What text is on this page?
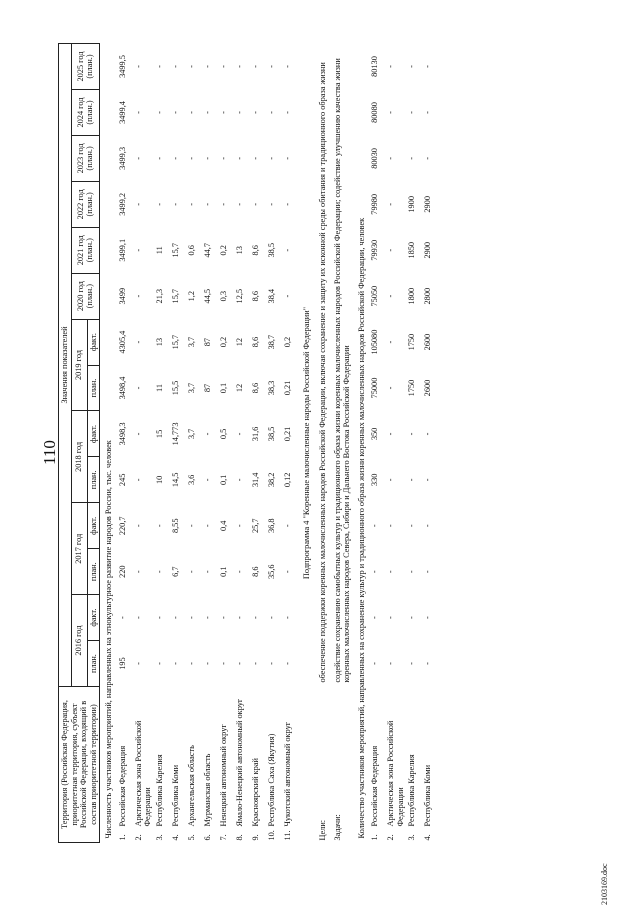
110
Территория (Российская Федерация, приоритетная территория, субъект Российской Федерации, входящий в состав приоритетной территории)		Значения показателей													
		2016 год		2017 год		2018 год		2019 год		2020 год (план.)	2021 год (план.)	2022 год (план.)	2023 год (план.)	2024 год (план.)	2025 год (план.)
		план.	факт.	план.	факт.	план.	факт.	план.	факт.						
Численность участников мероприятий, направленных на этнокультурное развитие народов России, тыс. человек															
1.	Российская Федерация	195	-	220	220,7	245	3498,3	3498,4	4305,4	3499	3499,1	3499,2	3499,3	3499,4	3499,5
2.	Арктическая зона Российской Федерации	-	-	-	-	-	-	-	-	-	-	-	-	-	-
3.	Республика Карелия	-	-	-	-	10	15	11	13	21,3	11	-	-	-	-
4.	Республика Коми	-	-	6,7	8,55	14,5	14,773	15,5	15,7	15,7	15,7	-	-	-	-
5.	Архангельская область	-	-	-	-	3,6	3,7	3,7	3,7	1,2	0,6	-	-	-	-
6.	Мурманская область	-	-	-	-	-	-	87	87	44,5	44,7	-	-	-	-
7.	Ненецкий автономный округ	-	-	0,1	0,4	0,1	0,5	0,1	0,2	0,3	0,2	-	-	-	-
8.	Ямало-Ненецкий автономный округ	-	-	-	-	-	-	12	12	12,5	13	-	-	-	-
9.	Красноярский край	-	-	8,6	25,7	31,4	31,6	8,6	8,6	8,6	8,6	-	-	-	-
10.	Республика Саха (Якутия)	-	-	35,6	36,8	38,2	38,5	38,3	38,7	38,4	38,5	-	-	-	-
11.	Чукотский автономный округ	-	-	-	-	0,12	0,21	0,21	0,2	-	-	-	-	-	-
Подпрограмма 4 "Коренные малочисленные народы Российской Федерации"															
Цели:		обеспечение поддержки коренных малочисленных народов Российской Федерации, включая сохранение и защиту их исконной среды обитания и традиционного образа жизни													
Задачи:		содействие сохранению самобытных культур и традиционного образа жизни коренных малочисленных народов Российской Федерации; содействие улучшению качества жизни коренных малочисленных народов Севера, Сибири и Дальнего Востока Российской Федерации													
Количество участников мероприятий, направленных на сохранение культур и традиционного образа жизни коренных малочисленных народов Российской Федерации, человек															
1.	Российская Федерация	-	-	-	-	330	350	75000	105080	75050	79930	79980	80030	80080	80130
2.	Арктическая зона Российской Федерации	-	-	-	-	-	-	-	-	-	-	-	-	-	-
3.	Республика Карелия	-	-	-	-	-	-	1750	1750	1800	1850	1900	-	-	-
4.	Республика Коми	-	-	-	-	-	-	2600	2600	2800	2900	2900	-	-	-
2103169.doc
